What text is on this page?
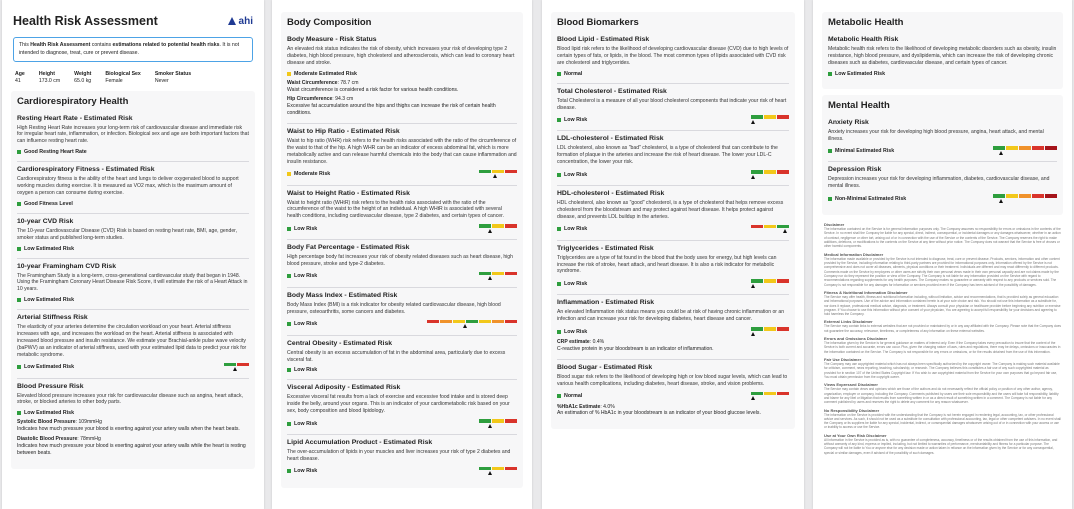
Health Risk Assessment	ahi
This Health Risk Assessment contains estimations related to potential health risks. It is not intended to diagnose, treat, cure or prevent disease.
Age
41
Height
173.0 cm
Weight
65.0 kg
Biological Sex
Female
Smoker Status
Never
Cardiorespiratory Health
Resting Heart Rate - Estimated Risk
High Resting Heart Rate increases your long-term risk of cardiovascular disease and immediate risk for irregular heart rate, inflammation, or infection. Biological sex and age are both important factors that can influence resting heart rate.
Good Resting Heart Rate
Cardiorespiratory Fitness - Estimated Risk
Cardiorespiratory fitness is the ability of the heart and lungs to deliver oxygenated blood to support working muscles during exercise. It is measured as VO2 max, which is the maximum amount of oxygen a person can consume during exercise.
Good Fitness Level
10-year CVD Risk
The 10-year Cardiovascular Disease (CVD) Risk is based on resting heart rate, BMI, age, gender, smoker status and published long-term studies.
Low Estimated Risk
10-year Framingham CVD Risk
The Framingham Study is a long-term, cross-generational cardiovascular study that began in 1948. Using the Framingham Coronary Heart Disease Risk Score, it will estimate the risk of a Heart Attack in 10 years.
Low Estimated Risk
Arterial Stiffness Risk
The elasticity of your arteries determine the circulation workload on your heart. Arterial stiffness increases with age, and increases the workload on the heart. Arterial stiffness is associated with increased blood pressure and insulin resistance. We estimate your Brachial-ankle pulse wave velocity (baPWV) as an indicator of arterial stiffness, used with your estimated lipid data to predict your risk for metabolic syndrome.
Low Estimated Risk
Blood Pressure Risk
Elevated blood pressure increases your risk for cardiovascular disease such as angina, heart attack, stroke, or blocked arteries to other body parts.
Low Estimated Risk
Systolic Blood Pressure: 109mmHg
Indicates how much pressure your blood is exerting against your artery walls when the heart beats.
Diastolic Blood Pressure: 78mmHg
Indicates how much pressure your blood is exerting against your artery walls while the heart is resting between beats.
Body Composition
Body Measure - Risk Status
An elevated risk status indicates the risk of obesity, which increases your risk of developing type 2 diabetes, high blood pressure, high cholesterol and atherosclerosis, which can lead to coronary heart disease and stroke.
Moderate Estimated Risk
Waist Circumference: 78.7 cm
Waist circumference is considered a risk factor for various health conditions.
Hip Circumference: 94.3 cm
Excessive fat accumulation around the hips and thighs can increase the risk of certain health conditions.
Waist to Hip Ratio - Estimated Risk
Waist to hip ratio (WHR) risk refers to the health risks associated with the ratio of the circumference of the waist to that of the hip. A high WHR can be an indicator of excess abdominal fat, which is more metabolically active and can release harmful chemicals into the body that can cause inflammation and insulin resistance.
Moderate Risk
Waist to Height Ratio - Estimated Risk
Waist to height ratio (WHtR) risk refers to the health risks associated with the ratio of the circumference of the waist to the height of an individual. A high WHtR is associated with several health conditions, including cardiovascular disease, type 2 diabetes, and certain types of cancer.
Low Risk
Body Fat Percentage - Estimated Risk
High percentage body fat increases your risk of obesity related diseases such as heart disease, high blood pressure, stroke and type-2 diabetes.
Low Risk
Body Mass Index - Estimated Risk
Body Mass Index (BMI) is a risk indicator for obesity related cardiovascular disease, high blood pressure, osteoarthritis, some cancers and diabetes.
Low Risk
Central Obesity - Estimated Risk
Central obesity is an excess accumulation of fat in the abdominal area, particularly due to excess visceral fat.
Low Risk
Visceral Adiposity - Estimated Risk
Excessive visceral fat results from a lack of exercise and excessive food intake and is stored deep inside the belly, around your organs. This is an indicator of your cardiometabolic risk based on your sex, body composition and blood lipidology.
Low Risk
Lipid Accumulation Product - Estimated Risk
The over-accumulation of lipids in your muscles and liver increases your risk of type 2 diabetes and heart disease.
Low Risk
Blood Biomarkers
Blood Lipid - Estimated Risk
Blood lipid risk refers to the likelihood of developing cardiovascular disease (CVD) due to high levels of certain types of fats, or lipids, in the blood. The most common types of lipids associated with CVD risk are cholesterol and triglycerides.
Normal
Total Cholesterol - Estimated Risk
Total Cholesterol is a measure of all your blood cholesterol components that indicate your risk of heart disease.
Low Risk
LDL-cholesterol - Estimated Risk
LDL cholesterol, also known as "bad" cholesterol, is a type of cholesterol that can contribute to the formation of plaque in the arteries and increase the risk of heart disease. The lower your LDL-C concentration, the lower your risk.
Low Risk
HDL-cholesterol - Estimated Risk
HDL cholesterol, also known as "good" cholesterol, is a type of cholesterol that helps remove excess cholesterol from the bloodstream and may protect against heart disease. It helps protect against disease, and prevents LDL buildup in the arteries.
Low Risk
Triglycerides - Estimated Risk
Triglycerides are a type of fat found in the blood that the body uses for energy, but high levels can increase the risk of stroke, heart attack, and heart disease. It is also a risk indicator for metabolic syndrome.
Low Risk
Inflammation - Estimated Risk
An elevated Inflammation risk status means you could be at risk of having chronic inflammation or an infection and can increase your risk for developing diabetes, heart disease and cancer.
Low Risk
CRP estimate: 0.4%
C-reactive protein in your bloodstream is an indicator of inflammation.
Blood Sugar - Estimated Risk
Blood sugar risk refers to the likelihood of developing high or low blood sugar levels, which can lead to various health complications, including diabetes, heart disease, stroke, and vision problems.
Normal
%HbA1c Estimate: 4.0%
An estimation of % HbA1c in your bloodstream is an indicator of your blood glucose levels.
Metabolic Health
Metabolic Health Risk
Metabolic health risk refers to the likelihood of developing metabolic disorders such as obesity, insulin resistance, high blood pressure, and dyslipidemia, which can increase the risk of developing chronic diseases such as diabetes, cardiovascular disease, and certain types of cancer.
Low Estimated Risk
Mental Health
Anxiety Risk
Anxiety increases your risk for developing high blood pressure, angina, heart attack, and mental illness.
Minimal Estimated Risk
Depression Risk
Depression increases your risk for developing inflammation, diabetes, cardiovascular disease, and mental illness.
Non-Minimal Estimated Risk
Disclaimer
The information contained on the Service is for general information purposes only. The Company assumes no responsibility for errors or omissions in the contents of the Service. In no event shall the Company be liable for any special, direct, indirect, consequential, or incidental damages or any damages whatsoever, whether in an action of contract, negligence or other tort, arising out of or in connection with the use of the Service or the contents of the Service. The Company reserves the right to make additions, deletions, or modifications to the contents on the Service at any time without prior notice. The Company does not warrant that the Service is free of viruses or other harmful components.
Medical Information Disclaimer
The information made available or provided by the Service is not intended to diagnose, treat, cure or prevent disease. Products, services, information and other content provided by the Service, including information relating to third-party partners are provided for informational purposes only. Information offered by the Service is not comprehensive and does not cover all diseases, ailments, physical conditions or their treatment. Individuals are different and may react differently to different products. Comments made on the Service by employees or other users are strictly their own personal views made in their own personal capacity and are not claims made by the Company nor do they represent the position or view of the Company. The Company is not liable for any information provided on the Service with regard to recommendations regarding supplements for any health purposes. The Company makes no guarantee or warranty with respect to any products or services sold. The Company is not responsible for any damages for information or services provided even if the Company has been advised of the possibility of damages.
Fitness & Nutritional Information Disclaimer
The Service may offer health, fitness and nutritional information including, without limitation, advice and recommendations, that is provided solely as general education and informational purposes. Use of the advice and information contained herein is at your sole choice and risk. You should not use this information as a substitute for, nor does it replace, professional medical advice, diagnosis, or treatment. Always consult your physician or healthcare provider before beginning any nutrition or exercise program. If You choose to use this information without prior consent of your physician, You are agreeing to accept full responsibility for your decisions and agreeing to hold harmless the Company.
External Links Disclaimer
The Service may contain links to external websites that are not provided or maintained by or in any way affiliated with the Company. Please note that the Company does not guarantee the accuracy, relevance, timeliness, or completeness of any information on these external websites.
Errors and Omissions Disclaimer
The information given by the Service is for general guidance on matters of interest only. Even if the Company takes every precaution to insure that the content of the Service is both current and accurate, errors can occur. Plus, given the changing nature of laws, rules and regulations, there may be delays, omissions or inaccuracies in the information contained on the Service. The Company is not responsible for any errors or omissions, or for the results obtained from the use of this information.
Fair Use Disclaimer
The Company may use copyrighted material which has not always been specifically authorized by the copyright owner. The Company is making such material available for criticism, comment, news reporting, teaching, scholarship, or research. The Company believes this constitutes a fair use of any such copyrighted material as provided for in section 107 of the United States Copyright law. If You wish to use copyrighted material from the Service for your own purposes that go beyond fair use, You must obtain permission from the copyright owner.
Views Expressed Disclaimer
The Service may contain views and opinions which are those of the authors and do not necessarily reflect the official policy or position of any other author, agency, organization, employer or company, including the Company. Comments published by users are their sole responsibility and the users will take full responsibility, liability and blame for any libel or litigation that results from something written in or as a direct result of something written in a comment. The Company is not liable for any comment published by users and reserves the right to delete any comment for any reason whatsoever.
No Responsibility Disclaimer
The information on the Service is provided with the understanding that the Company is not herein engaged in rendering legal, accounting, tax, or other professional advice and services. As such, it should not be used as a substitute for consultation with professional accounting, tax, legal or other competent advisers. In no event shall the Company or its suppliers be liable for any special, incidental, indirect, or consequential damages whatsoever arising out of or in connection with your access or use or inability to access or use the Service.
Use at Your Own Risk Disclaimer
All information in the Service is provided as is, with no guarantee of completeness, accuracy, timeliness or of the results obtained from the use of this information, and without warranty of any kind, express or implied, including, but not limited to warranties of performance, merchantability and fitness for a particular purpose. The Company will not be liable to You or anyone else for any decision made or action taken in reliance on the information given by the Service or for any consequential, special or similar damages, even if advised of the possibility of such damages.
